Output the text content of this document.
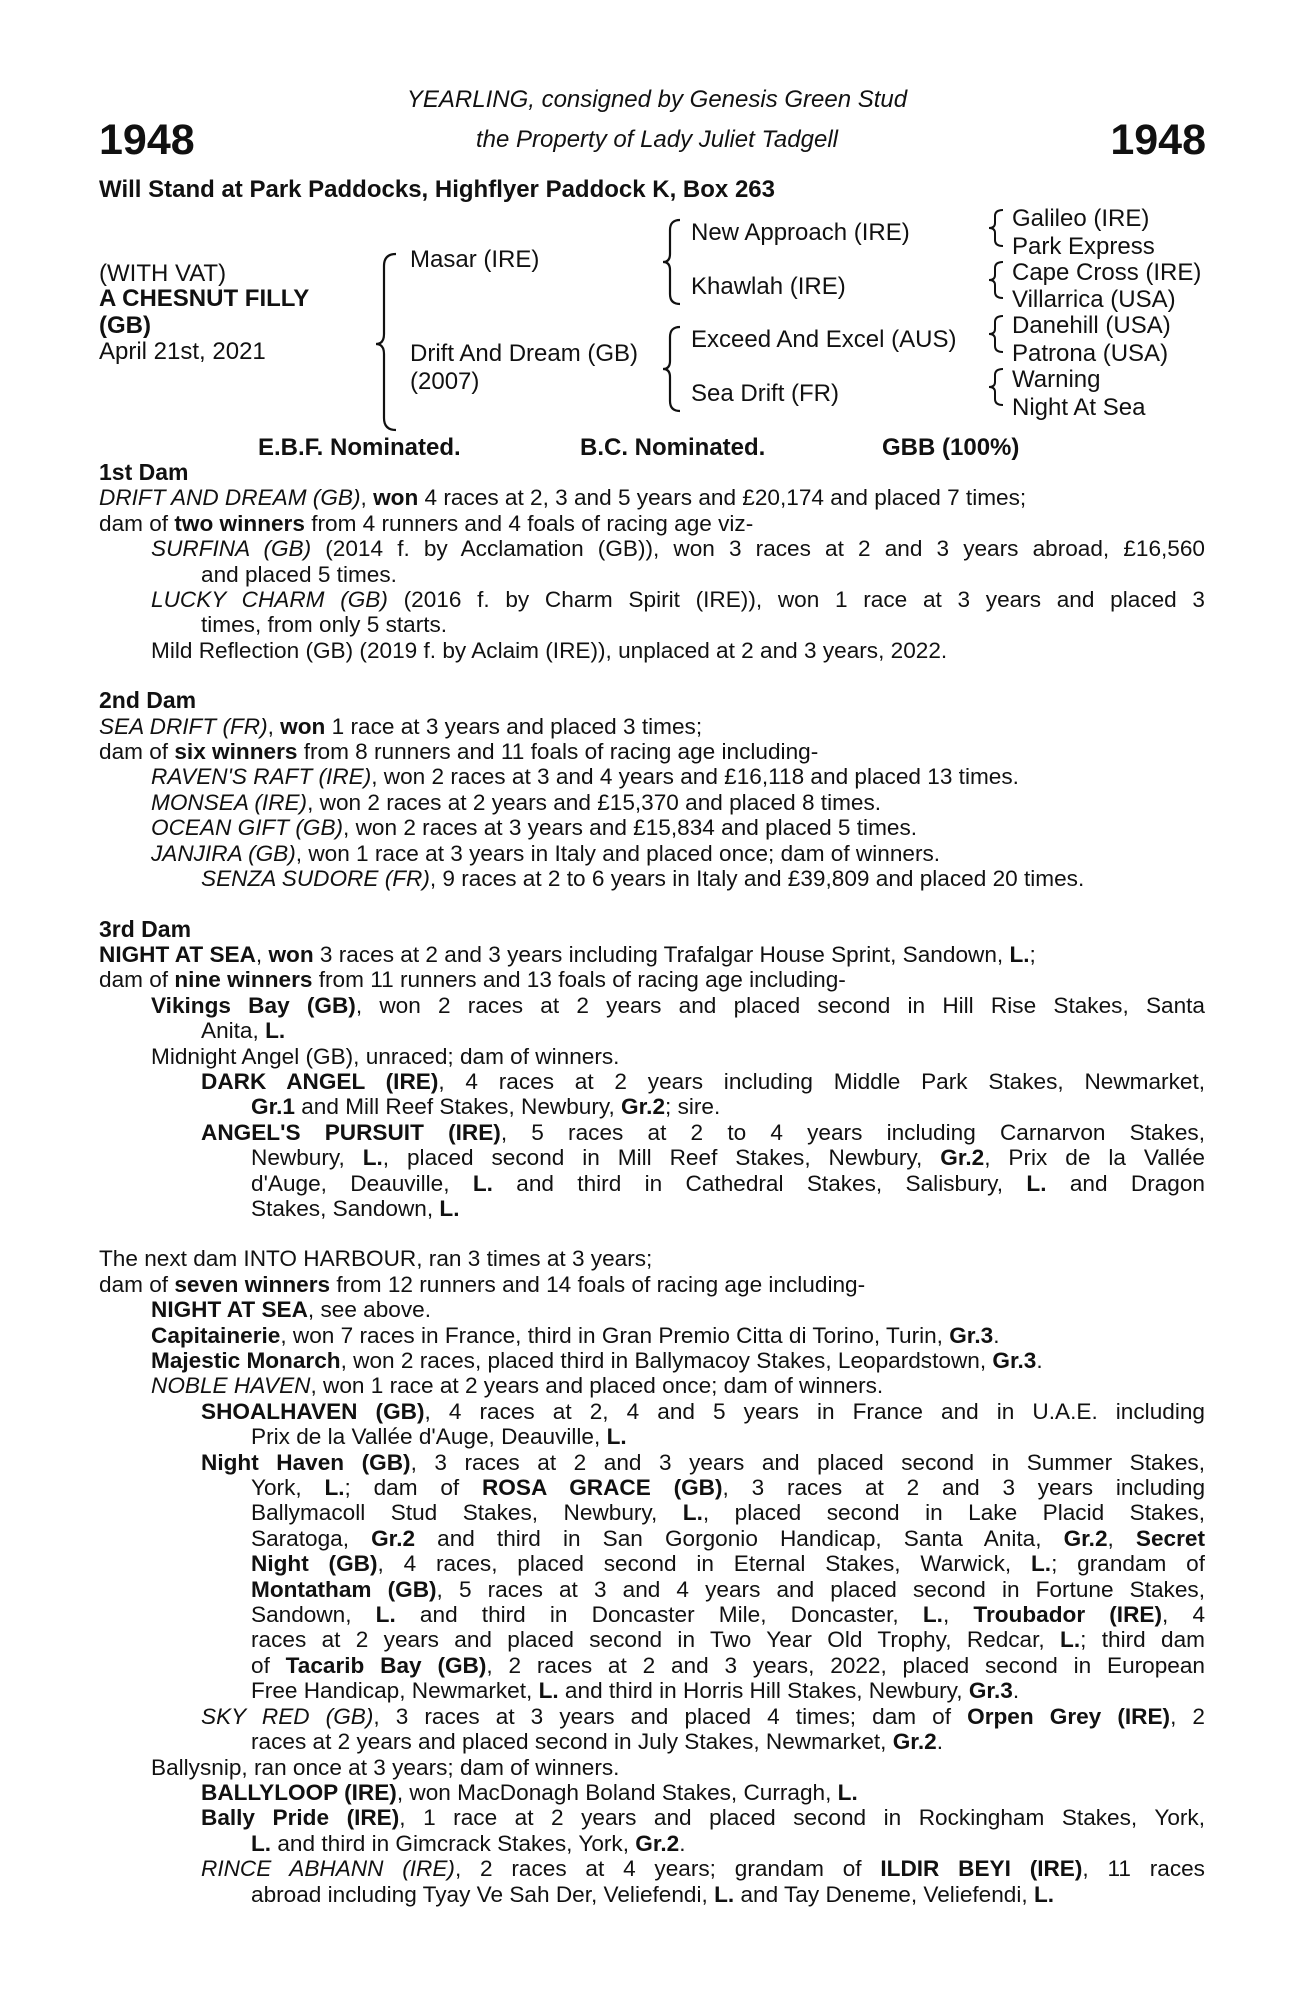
1948	1948
YEARLING, consigned by Genesis Green Stud
the Property of Lady Juliet Tadgell
Will Stand at Park Paddocks, Highflyer Paddock K, Box 263
(WITH VAT)
A CHESNUT FILLY
(GB)
April 21st, 2021
Masar (IRE)
Drift And Dream (GB)
(2007)
New Approach (IRE)
Khawlah (IRE)
Exceed And Excel (AUS)
Sea Drift (FR)
Galileo (IRE)
Park Express
Cape Cross (IRE)
Villarrica (USA)
Danehill (USA)
Patrona (USA)
Warning
Night At Sea
E.B.F. Nominated.	B.C. Nominated.	GBB (100%)
1st Dam
DRIFT AND DREAM (GB), won 4 races at 2, 3 and 5 years and £20,174 and placed 7 times;
dam of two winners from 4 runners and 4 foals of racing age viz-
SURFINA (GB) (2014 f. by Acclamation (GB)), won 3 races at 2 and 3 years abroad, £16,560
and placed 5 times.
LUCKY CHARM (GB) (2016 f. by Charm Spirit (IRE)), won 1 race at 3 years and placed 3
times, from only 5 starts.
Mild Reflection (GB) (2019 f. by Aclaim (IRE)), unplaced at 2 and 3 years, 2022.
2nd Dam
SEA DRIFT (FR), won 1 race at 3 years and placed 3 times;
dam of six winners from 8 runners and 11 foals of racing age including-
RAVEN'S RAFT (IRE), won 2 races at 3 and 4 years and £16,118 and placed 13 times.
MONSEA (IRE), won 2 races at 2 years and £15,370 and placed 8 times.
OCEAN GIFT (GB), won 2 races at 3 years and £15,834 and placed 5 times.
JANJIRA (GB), won 1 race at 3 years in Italy and placed once; dam of winners.
SENZA SUDORE (FR), 9 races at 2 to 6 years in Italy and £39,809 and placed 20 times.
3rd Dam
NIGHT AT SEA, won 3 races at 2 and 3 years including Trafalgar House Sprint, Sandown, L.;
dam of nine winners from 11 runners and 13 foals of racing age including-
Vikings Bay (GB), won 2 races at 2 years and placed second in Hill Rise Stakes, Santa
Anita, L.
Midnight Angel (GB), unraced; dam of winners.
DARK ANGEL (IRE), 4 races at 2 years including Middle Park Stakes, Newmarket,
Gr.1 and Mill Reef Stakes, Newbury, Gr.2; sire.
ANGEL'S PURSUIT (IRE), 5 races at 2 to 4 years including Carnarvon Stakes,
Newbury, L., placed second in Mill Reef Stakes, Newbury, Gr.2, Prix de la Vallée
d'Auge, Deauville, L. and third in Cathedral Stakes, Salisbury, L. and Dragon
Stakes, Sandown, L.
The next dam INTO HARBOUR, ran 3 times at 3 years;
dam of seven winners from 12 runners and 14 foals of racing age including-
NIGHT AT SEA, see above.
Capitainerie, won 7 races in France, third in Gran Premio Citta di Torino, Turin, Gr.3.
Majestic Monarch, won 2 races, placed third in Ballymacoy Stakes, Leopardstown, Gr.3.
NOBLE HAVEN, won 1 race at 2 years and placed once; dam of winners.
SHOALHAVEN (GB), 4 races at 2, 4 and 5 years in France and in U.A.E. including
Prix de la Vallée d'Auge, Deauville, L.
Night Haven (GB), 3 races at 2 and 3 years and placed second in Summer Stakes,
York, L.; dam of ROSA GRACE (GB), 3 races at 2 and 3 years including
Ballymacoll Stud Stakes, Newbury, L., placed second in Lake Placid Stakes,
Saratoga, Gr.2 and third in San Gorgonio Handicap, Santa Anita, Gr.2, Secret
Night (GB), 4 races, placed second in Eternal Stakes, Warwick, L.; grandam of
Montatham (GB), 5 races at 3 and 4 years and placed second in Fortune Stakes,
Sandown, L. and third in Doncaster Mile, Doncaster, L., Troubador (IRE), 4
races at 2 years and placed second in Two Year Old Trophy, Redcar, L.; third dam
of Tacarib Bay (GB), 2 races at 2 and 3 years, 2022, placed second in European
Free Handicap, Newmarket, L. and third in Horris Hill Stakes, Newbury, Gr.3.
SKY RED (GB), 3 races at 3 years and placed 4 times; dam of Orpen Grey (IRE), 2
races at 2 years and placed second in July Stakes, Newmarket, Gr.2.
Ballysnip, ran once at 3 years; dam of winners.
BALLYLOOP (IRE), won MacDonagh Boland Stakes, Curragh, L.
Bally Pride (IRE), 1 race at 2 years and placed second in Rockingham Stakes, York,
L. and third in Gimcrack Stakes, York, Gr.2.
RINCE ABHANN (IRE), 2 races at 4 years; grandam of ILDIR BEYI (IRE), 11 races
abroad including Tyay Ve Sah Der, Veliefendi, L. and Tay Deneme, Veliefendi, L.
